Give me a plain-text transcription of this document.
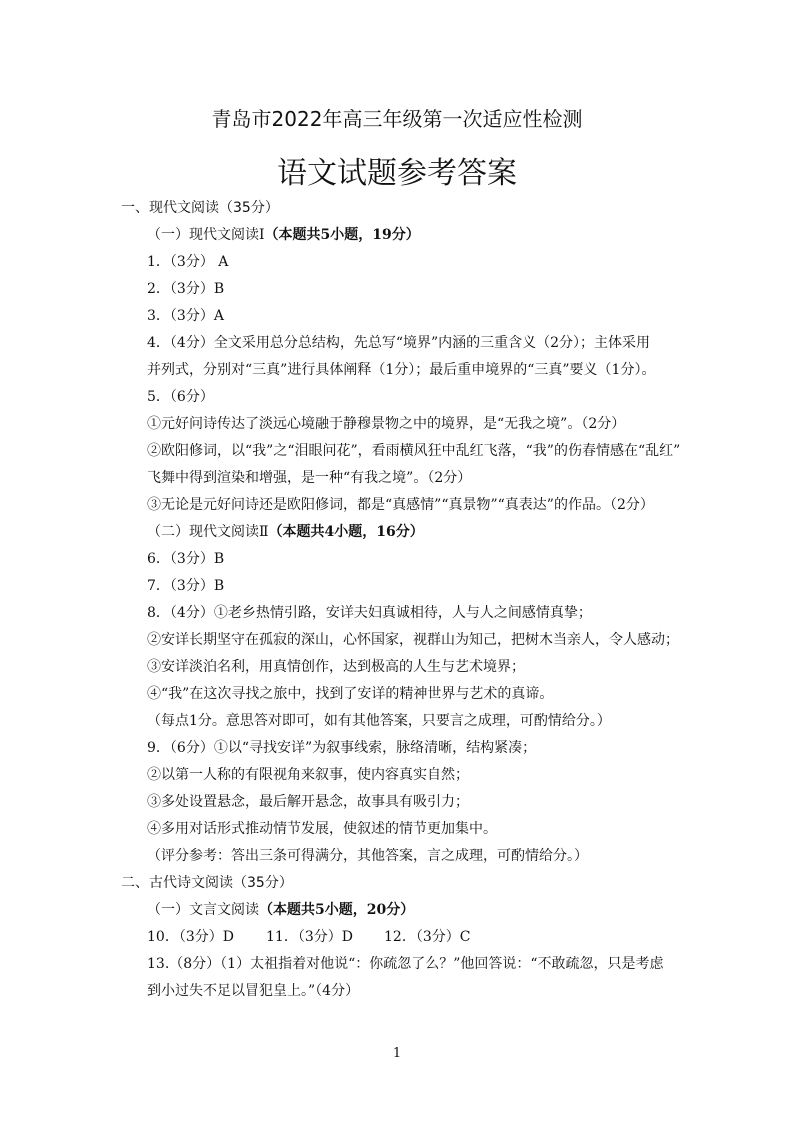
青岛市2022年高三年级第一次适应性检测
语文试题参考答案
一、现代文阅读（35分）
（一）现代文阅读Ⅰ（本题共5小题，19分）
1．（3分） A
2．（3分）B
3．（3分）A
4．（4分）全文采用总分总结构，先总写“境界”内涵的三重含义（2分）；主体采用
并列式，分别对“三真”进行具体阐释（1分）；最后重申境界的“三真”要义（1分）。
5．（6分）
①元好问诗传达了淡远心境融于静穆景物之中的境界，是“无我之境”。（2分）
②欧阳修词，以“我”之“泪眼问花”，看雨横风狂中乱红飞落，“我”的伤春情感在“乱红”
飞舞中得到渲染和增强，是一种“有我之境”。（2分）
③无论是元好问诗还是欧阳修词，都是“真感情”“真景物”“真表达”的作品。（2分）
（二）现代文阅读Ⅱ（本题共4小题，16分）
6．（3分）B
7．（3分）B
8．（4分）①老乡热情引路，安详夫妇真诚相待，人与人之间感情真挚；
②安详长期坚守在孤寂的深山，心怀国家，视群山为知己，把树木当亲人，令人感动；
③安详淡泊名利，用真情创作，达到极高的人生与艺术境界；
④“我”在这次寻找之旅中，找到了安详的精神世界与艺术的真谛。
（每点1分。意思答对即可，如有其他答案，只要言之成理，可酌情给分。）
9．（6分）①以“寻找安详”为叙事线索，脉络清晰，结构紧凑；
②以第一人称的有限视角来叙事，使内容真实自然；
③多处设置悬念，最后解开悬念，故事具有吸引力；
④多用对话形式推动情节发展，使叙述的情节更加集中。
（评分参考：答出三条可得满分，其他答案，言之成理，可酌情给分。）
二、古代诗文阅读（35分）
（一）文言文阅读（本题共5小题，20分）
10．（3分）D 11．（3分）D 12．（3分）C
13.（8分）（1）太祖指着对他说“：你疏忽了么？”他回答说：“不敢疏忽，只是考虑
到小过失不足以冒犯皇上。”（4分）
1
